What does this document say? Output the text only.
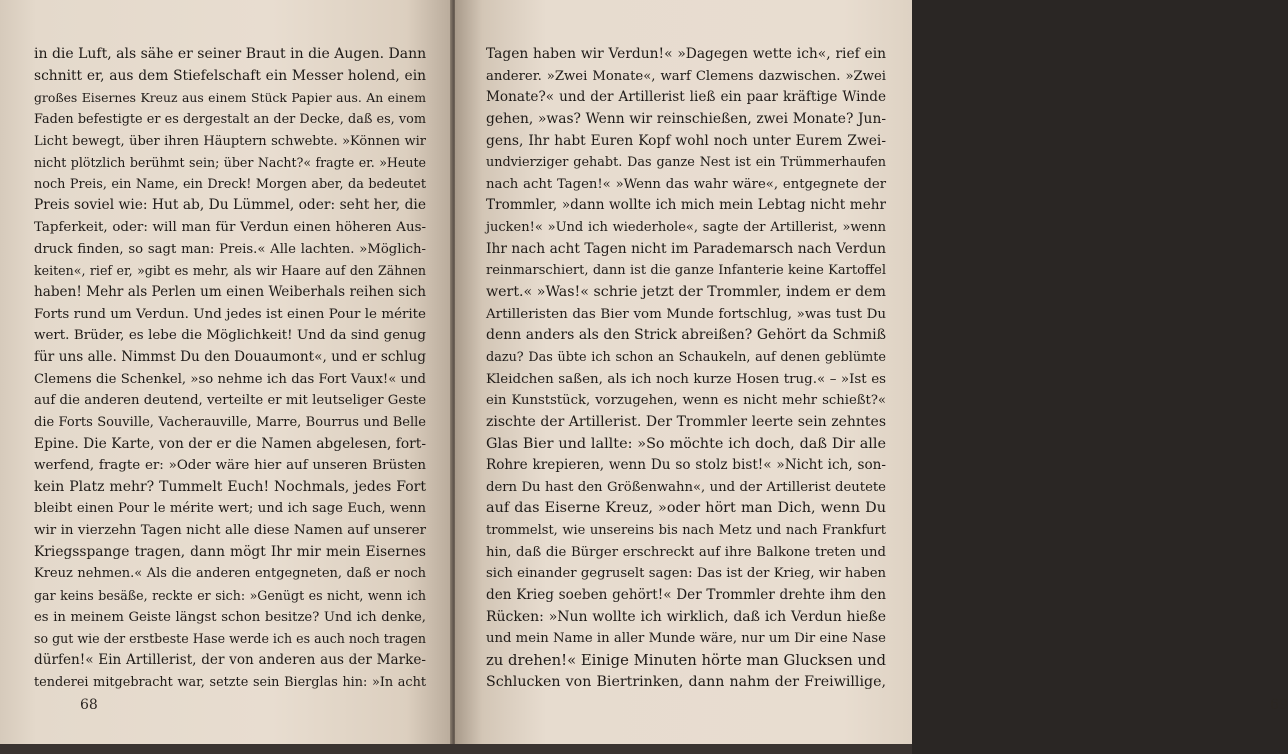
in die Luft, als sähe er seiner Braut in die Augen. Dann
schnitt er, aus dem Stiefelschaft ein Messer holend, ein
großes Eisernes Kreuz aus einem Stück Papier aus. An einem
Faden befestigte er es dergestalt an der Decke, daß es, vom
Licht bewegt, über ihren Häuptern schwebte. »Können wir
nicht plötzlich berühmt sein; über Nacht?« fragte er. »Heute
noch Preis, ein Name, ein Dreck! Morgen aber, da bedeutet
Preis soviel wie: Hut ab, Du Lümmel, oder: seht her, die
Tapferkeit, oder: will man für Verdun einen höheren Aus-
druck finden, so sagt man: Preis.« Alle lachten. »Möglich-
keiten«, rief er, »gibt es mehr, als wir Haare auf den Zähnen
haben! Mehr als Perlen um einen Weiberhals reihen sich
Forts rund um Verdun. Und jedes ist einen Pour le mérite
wert. Brüder, es lebe die Möglichkeit! Und da sind genug
für uns alle. Nimmst Du den Douaumont«, und er schlug
Clemens die Schenkel, »so nehme ich das Fort Vaux!« und
auf die anderen deutend, verteilte er mit leutseliger Geste
die Forts Souville, Vacherauville, Marre, Bourrus und Belle
Epine. Die Karte, von der er die Namen abgelesen, fort-
werfend, fragte er: »Oder wäre hier auf unseren Brüsten
kein Platz mehr? Tummelt Euch! Nochmals, jedes Fort
bleibt einen Pour le mérite wert; und ich sage Euch, wenn
wir in vierzehn Tagen nicht alle diese Namen auf unserer
Kriegsspange tragen, dann mögt Ihr mir mein Eisernes
Kreuz nehmen.« Als die anderen entgegneten, daß er noch
gar keins besäße, reckte er sich: »Genügt es nicht, wenn ich
es in meinem Geiste längst schon besitze? Und ich denke,
so gut wie der erstbeste Hase werde ich es auch noch tragen
dürfen!« Ein Artillerist, der von anderen aus der Marke-
tenderei mitgebracht war, setzte sein Bierglas hin: »In acht
68
Tagen haben wir Verdun!« »Dagegen wette ich«, rief ein
anderer. »Zwei Monate«, warf Clemens dazwischen. »Zwei
Monate?« und der Artillerist ließ ein paar kräftige Winde
gehen, »was? Wenn wir reinschießen, zwei Monate? Jun-
gens, Ihr habt Euren Kopf wohl noch unter Eurem Zwei-
undvierziger gehabt. Das ganze Nest ist ein Trümmerhaufen
nach acht Tagen!« »Wenn das wahr wäre«, entgegnete der
Trommler, »dann wollte ich mich mein Lebtag nicht mehr
jucken!« »Und ich wiederhole«, sagte der Artillerist, »wenn
Ihr nach acht Tagen nicht im Parademarsch nach Verdun
reinmarschiert, dann ist die ganze Infanterie keine Kartoffel
wert.« »Was!« schrie jetzt der Trommler, indem er dem
Artilleristen das Bier vom Munde fortschlug, »was tust Du
denn anders als den Strick abreißen? Gehört da Schmiß
dazu? Das übte ich schon an Schaukeln, auf denen geblümte
Kleidchen saßen, als ich noch kurze Hosen trug.« – »Ist es
ein Kunststück, vorzugehen, wenn es nicht mehr schießt?«
zischte der Artillerist. Der Trommler leerte sein zehntes
Glas Bier und lallte: »So möchte ich doch, daß Dir alle
Rohre krepieren, wenn Du so stolz bist!« »Nicht ich, son-
dern Du hast den Größenwahn«, und der Artillerist deutete
auf das Eiserne Kreuz, »oder hört man Dich, wenn Du
trommelst, wie unsereins bis nach Metz und nach Frankfurt
hin, daß die Bürger erschreckt auf ihre Balkone treten und
sich einander gegruselt sagen: Das ist der Krieg, wir haben
den Krieg soeben gehört!« Der Trommler drehte ihm den
Rücken: »Nun wollte ich wirklich, daß ich Verdun hieße
und mein Name in aller Munde wäre, nur um Dir eine Nase
zu drehen!« Einige Minuten hörte man Glucksen und
Schlucken von Biertrinken, dann nahm der Freiwillige,
69
